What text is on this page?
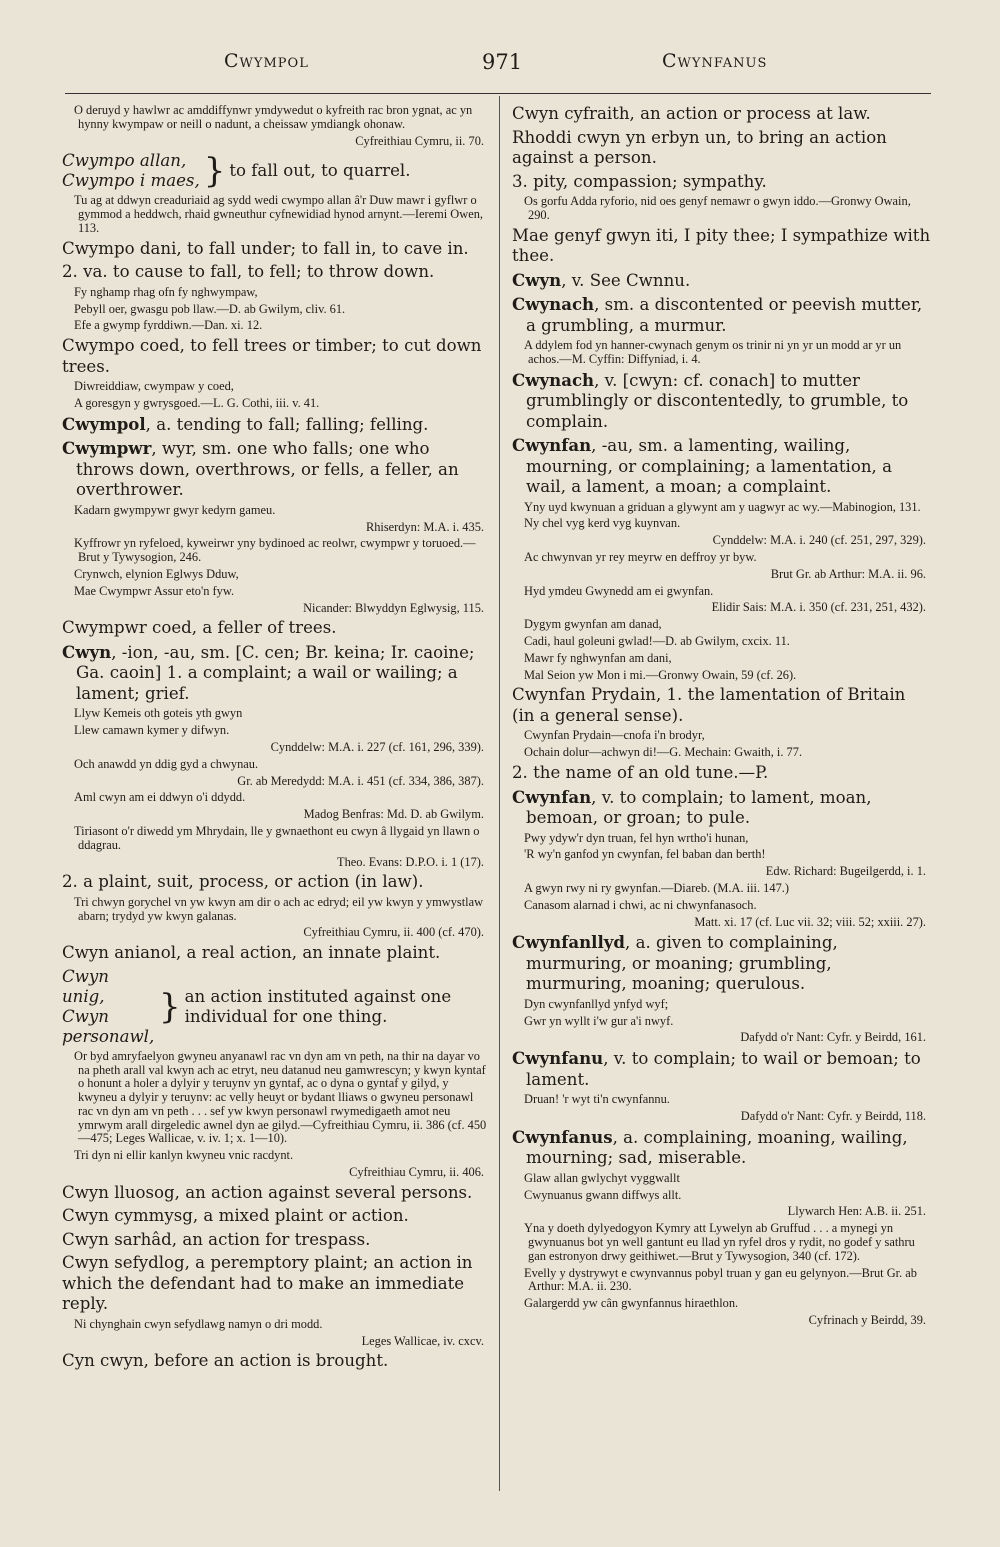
Cwympol	971	Cwynfanus

O deruyd y hawlwr ac amddiffynwr ymdywedut o kyfreith rac bron ygnat, ac yn hynny kwympaw or neill o nadunt, a cheissaw ymdiangk ohonaw.

Cyfreithiau Cymru, ii. 70.

Cwympo allan,
Cwympo i maes, } to fall out, to quarrel.

Tu ag at ddwyn creaduriaid ag sydd wedi cwympo allan â'r Duw mawr i gyflwr o gymmod a heddwch, rhaid gwneuthur cyfnewidiad hynod arnynt.—Ieremi Owen, 113.

Cwympo dani, to fall under; to fall in, to cave in.

2. va. to cause to fall, to fell; to throw down.

Fy nghamp rhag ofn fy nghwympaw,

Pebyll oer, gwasgu pob llaw.—D. ab Gwilym, cliv. 61.

Efe a gwymp fyrddiwn.—Dan. xi. 12.

Cwympo coed, to fell trees or timber; to cut down trees.

Diwreiddiaw, cwympaw y coed,

A goresgyn y gwrysgoed.—L. G. Cothi, iii. v. 41.

Cwympol, a. tending to fall; falling; felling.

Cwympwr, wyr, sm. one who falls; one who throws down, overthrows, or fells, a feller, an overthrower.

Kadarn gwympywr gwyr kedyrn gameu.

Rhiserdyn: M.A. i. 435.

Kyffrowr yn ryfeloed, kyweirwr yny bydinoed ac reolwr, cwympwr y toruoed.—Brut y Tywysogion, 246.

Crynwch, elynion Eglwys Dduw,

Mae Cwympwr Assur eto'n fyw.

Nicander: Blwyddyn Eglwysig, 115.

Cwympwr coed, a feller of trees.

Cwyn, -ion, -au, sm. [C. cen; Br. keina; Ir. caoine; Ga. caoin] 1. a complaint; a wail or wailing; a lament; grief.

Llyw Kemeis oth goteis yth gwyn

Llew camawn kymer y difwyn.

Cynddelw: M.A. i. 227 (cf. 161, 296, 339).

Och anawdd yn ddig gyd a chwynau.

Gr. ab Meredydd: M.A. i. 451 (cf. 334, 386, 387).

Aml cwyn am ei ddwyn o'i ddydd.

Madog Benfras: Md. D. ab Gwilym.

Tiriasont o'r diwedd ym Mhrydain, lle y gwnaethont eu cwyn â llygaid yn llawn o ddagrau.

Theo. Evans: D.P.O. i. 1 (17).

2. a plaint, suit, process, or action (in law).

Tri chwyn gorychel vn yw kwyn am dir o ach ac edryd; eil yw kwyn y ymwystlaw abarn; trydyd yw kwyn galanas.

Cyfreithiau Cymru, ii. 400 (cf. 470).

Cwyn anianol, a real action, an innate plaint.

Cwyn unig,
Cwyn personawl,
} an action instituted against one individual for one thing.

Or byd amryfaelyon gwyneu anyanawl rac vn dyn am vn peth, na thir na dayar vo na pheth arall val kwyn ach ac etryt, neu datanud neu gamwrescyn; y kwyn kyntaf o honunt a holer a dylyir y teruynv yn gyntaf, ac o dyna o gyntaf y gilyd, y kwyneu a dylyir y teruynv: ac velly heuyt or bydant lliaws o gwyneu personawl rac vn dyn am vn peth . . . sef yw kwyn personawl rwymedigaeth amot neu ymrwym arall dirgeledic awnel dyn ae gilyd.—Cyfreithiau Cymru, ii. 386 (cf. 450—475; Leges Wallicae, v. iv. 1; x. 1—10).

Tri dyn ni ellir kanlyn kwyneu vnic racdynt.

Cyfreithiau Cymru, ii. 406.

Cwyn lluosog, an action against several persons.

Cwyn cymmysg, a mixed plaint or action.

Cwyn sarhâd, an action for trespass.

Cwyn sefydlog, a peremptory plaint; an action in which the defendant had to make an immediate reply.

Ni chynghain cwyn sefydlawg namyn o dri modd.

Leges Wallicae, iv. cxcv.

Cyn cwyn, before an action is brought.

Cwyn cyfraith, an action or process at law.

Rhoddi cwyn yn erbyn un, to bring an action against a person.

3. pity, compassion; sympathy.

Os gorfu Adda ryforio, nid oes genyf nemawr o gwyn iddo.—Gronwy Owain, 290.

Mae genyf gwyn iti, I pity thee; I sympathize with thee.

Cwyn, v. See Cwnnu.

Cwynach, sm. a discontented or peevish mutter, a grumbling, a murmur.

A ddylem fod yn hanner-cwynach genym os trinir ni yn yr un modd ar yr un achos.—M. Cyffin: Diffyniad, i. 4.

Cwynach, v. [cwyn: cf. conach] to mutter grumblingly or discontentedly, to grumble, to complain.

Cwynfan, -au, sm. a lamenting, wailing, mourning, or complaining; a lamentation, a wail, a lament, a moan; a complaint.

Yny uyd kwynuan a griduan a glywynt am y uagwyr ac wy.—Mabinogion, 131.

Ny chel vyg kerd vyg kuynvan.

Cynddelw: M.A. i. 240 (cf. 251, 297, 329).

Ac chwynvan yr rey meyrw en deffroy yr byw.

Brut Gr. ab Arthur: M.A. ii. 96.

Hyd ymdeu Gwynedd am ei gwynfan.

Elidir Sais: M.A. i. 350 (cf. 231, 251, 432).

Dygym gwynfan am danad,

Cadi, haul goleuni gwlad!—D. ab Gwilym, cxcix. 11.

Mawr fy nghwynfan am dani,

Mal Seion yw Mon i mi.—Gronwy Owain, 59 (cf. 26).

Cwynfan Prydain, 1. the lamentation of Britain (in a general sense).

Cwynfan Prydain—cnofa i'n brodyr,

Ochain dolur—achwyn di!—G. Mechain: Gwaith, i. 77.

2. the name of an old tune.—P.

Cwynfan, v. to complain; to lament, moan, bemoan, or groan; to pule.

Pwy ydyw'r dyn truan, fel hyn wrtho'i hunan,

'R wy'n ganfod yn cwynfan, fel baban dan berth!

Edw. Richard: Bugeilgerdd, i. 1.

A gwyn rwy ni ry gwynfan.—Diareb. (M.A. iii. 147.)

Canasom alarnad i chwi, ac ni chwynfanasoch.

Matt. xi. 17 (cf. Luc vii. 32; viii. 52; xxiii. 27).

Cwynfanllyd, a. given to complaining, murmuring, or moaning; grumbling, murmuring, moaning; querulous.

Dyn cwynfanllyd ynfyd wyf;

Gwr yn wyllt i'w gur a'i nwyf.

Dafydd o'r Nant: Cyfr. y Beirdd, 161.

Cwynfanu, v. to complain; to wail or bemoan; to lament.

Druan! 'r wyt ti'n cwynfannu.

Dafydd o'r Nant: Cyfr. y Beirdd, 118.

Cwynfanus, a. complaining, moaning, wailing, mourning; sad, miserable.

Glaw allan gwlychyt vyggwallt

Cwynuanus gwann diffwys allt.

Llywarch Hen: A.B. ii. 251.

Yna y doeth dylyedogyon Kymry att Lywelyn ab Gruffud . . . a mynegi yn gwynuanus bot yn well gantunt eu llad yn ryfel dros y rydit, no godef y sathru gan estronyon drwy geithiwet.—Brut y Tywysogion, 340 (cf. 172).

Evelly y dystrywyt e cwynvannus pobyl truan y gan eu gelynyon.—Brut Gr. ab Arthur: M.A. ii. 230.

Galargerdd yw cân gwynfannus hiraethlon.

Cyfrinach y Beirdd, 39.
